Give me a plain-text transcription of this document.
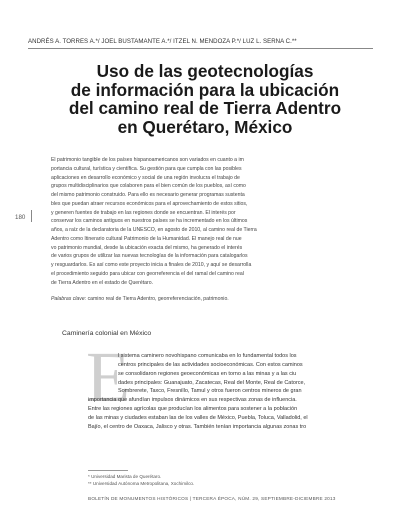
ANDRÉS A. TORRES A.*/ JOEL BUSTAMANTE A.*/ ITZEL N. MENDOZA P.*/ LUZ L. SERNA C.**
Uso de las geotecnologías
de información para la ubicación
del camino real de Tierra Adentro
en Querétaro, México

El patrimonio tangible de los países hispanoamericanos son variados en cuanto a im
portancia cultural, turística y científica. Su gestión para que cumpla con las posibles
aplicaciones en desarrollo económico y social de una región involucra el trabajo de
grupos multidisciplinarios que colaboren para el bien común de los pueblos, así como
del mismo patrimonio construido. Para ello es necesario generar programas sustenta
bles que puedan atraer recursos económicos para el aprovechamiento de estos sitios,
y generen fuentes de trabajo en las regiones donde se encuentran. El interés por
conservar los caminos antiguos en nuestros países se ha incrementado en los últimos
años, a raíz de la declaratoria de la UNESCO, en agosto de 2010, al camino real de Tierra
Adentro como Itinerario cultural Patrimonio de la Humanidad. El manejo real de nue
vo patrimonio mundial, desde la ubicación exacta del mismo, ha generado el interés
de varios grupos de utilizar las nuevas tecnologías de la información para catalogarlos
y resguardarlos. Es así como este proyecto inicia a finales de 2010, y aquí se desarrolla
el procedimiento seguido para ubicar con georreferencia el del ramal del camino real
de Tierra Adentro en el estado de Querétaro.

Palabras clave: camino real de Tierra Adentro, georreferenciación, patrimonio.
180
Caminería colonial en México
E
l sistema caminero novohispano comunicaba en lo fundamental todos los
centros principales de las actividades socioeconómicas. Con estos caminos
se consolidaron regiones geoeconómicas en torno a las minas y a las ciu
dades principales: Guanajuato, Zacatecas, Real del Monte, Real de Catorce,
Sombrerete, Taxco, Fresnillo, Tamul y otros fueron centros mineros de gran
importancia que afundían impulsos dinámicos en sus respectivas zonas de influencia.
Entre las regiones agrícolas que producían los alimentos para sostener a la población
de las minas y ciudades estaban las de los valles de México, Puebla, Toluca, Valladolid, el
Bajío, el centro de Oaxaca, Jalisco y otras. También tenían importancia algunas zonas tro
* Universidad Marista de Querétaro.
** Universidad Autónoma Metropolitana, Xochimilco.
BOLETÍN DE MONUMENTOS HISTÓRICOS | TERCERA ÉPOCA, NÚM. 29, SEPTIEMBRE-DICIEMBRE 2013
